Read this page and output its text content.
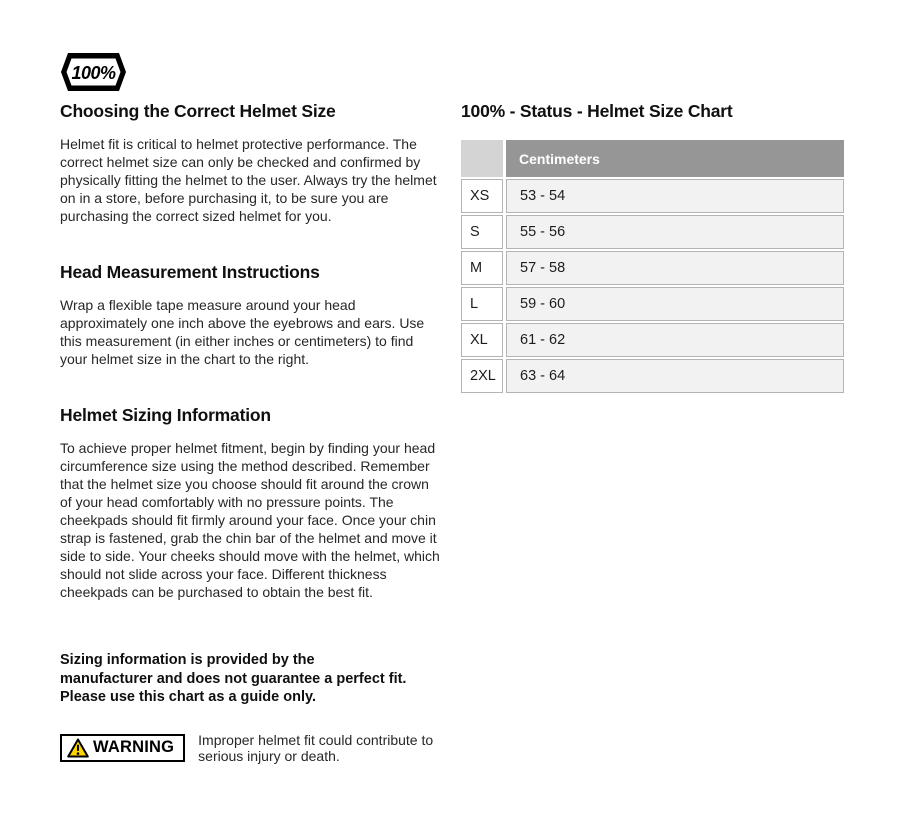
100%
Choosing the Correct Helmet Size

Helmet fit is critical to helmet protective performance. The correct helmet size can only be checked and confirmed by physically fitting the helmet to the user. Always try the helmet on in a store, before purchasing it, to be sure you are purchasing the correct sized helmet for you.

Head Measurement Instructions

Wrap a flexible tape measure around your head approximately one inch above the eyebrows and ears. Use this measurement (in either inches or centimeters) to find your helmet size in the chart to the right.

Helmet Sizing Information

To achieve proper helmet fitment, begin by finding your head circumference size using the method described. Remember that the helmet size you choose should fit around the crown of your head comfortably with no pressure points. The cheekpads should fit firmly around your face. Once your chin strap is fastened, grab the chin bar of the helmet and move it side to side. Your cheeks should move with the helmet, which should not slide across your face. Different thickness cheekpads can be purchased to obtain the best fit.

Sizing information is provided by the manufacturer and does not guarantee a perfect fit. Please use this chart as a guide only.

WARNING Improper helmet fit could contribute to serious injury or death.
100% - Status - Helmet Size Chart
	Centimeters
XS	53 - 54
S	55 - 56
M	57 - 58
L	59 - 60
XL	61 - 62
2XL	63 - 64
